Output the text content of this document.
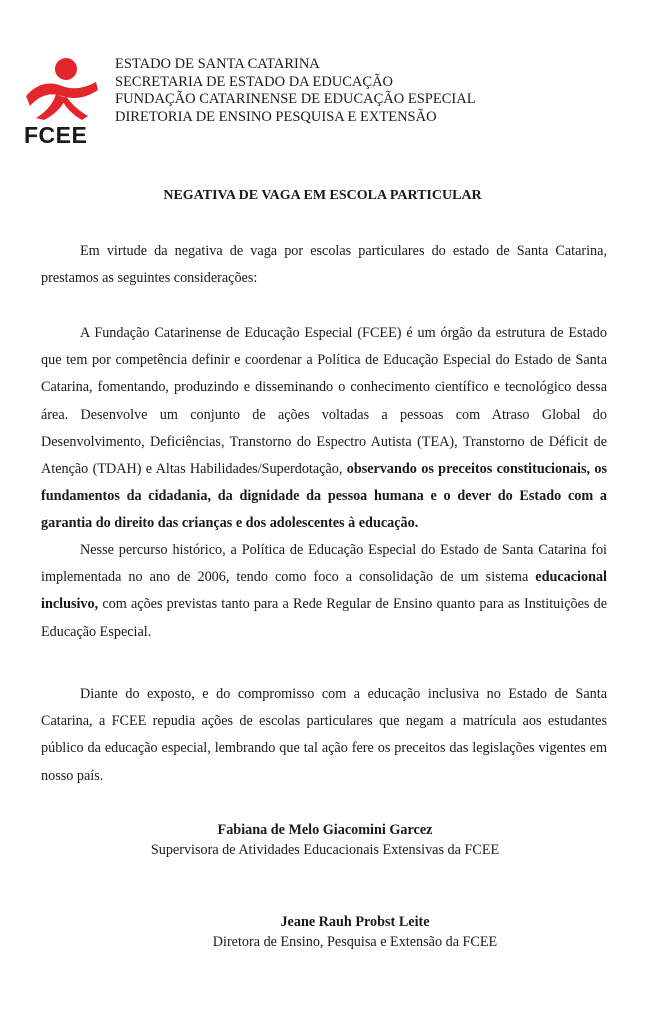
FCEE
ESTADO DE SANTA CATARINA
SECRETARIA DE ESTADO DA EDUCAÇÃO
FUNDAÇÃO CATARINENSE DE EDUCAÇÃO ESPECIAL
DIRETORIA DE ENSINO PESQUISA E EXTENSÃO
NEGATIVA DE VAGA EM ESCOLA PARTICULAR

Em virtude da negativa de vaga por escolas particulares do estado de Santa Catarina, prestamos as seguintes considerações:

A Fundação Catarinense de Educação Especial (FCEE) é um órgão da estrutura de Estado que tem por competência definir e coordenar a Política de Educação Especial do Estado de Santa Catarina, fomentando, produzindo e disseminando o conhecimento científico e tecnológico dessa área. Desenvolve um conjunto de ações voltadas a pessoas com Atraso Global do Desenvolvimento, Deficiências, Transtorno do Espectro Autista (TEA), Transtorno de Déficit de Atenção (TDAH) e Altas Habilidades/Superdotação, observando os preceitos constitucionais, os fundamentos da cidadania, da dignidade da pessoa humana e o dever do Estado com a garantia do direito das crianças e dos adolescentes à educação.

Nesse percurso histórico, a Política de Educação Especial do Estado de Santa Catarina foi implementada no ano de 2006, tendo como foco a consolidação de um sistema educacional inclusivo, com ações previstas tanto para a Rede Regular de Ensino quanto para as Instituições de Educação Especial.

Diante do exposto, e do compromisso com a educação inclusiva no Estado de Santa Catarina, a FCEE repudia ações de escolas particulares que negam a matrícula aos estudantes público da educação especial, lembrando que tal ação fere os preceitos das legislações vigentes em nosso país.

Fabiana de Melo Giacomini Garcez
Supervisora de Atividades Educacionais Extensivas da FCEE
Jeane Rauh Probst Leite
Diretora de Ensino, Pesquisa e Extensão da FCEE
